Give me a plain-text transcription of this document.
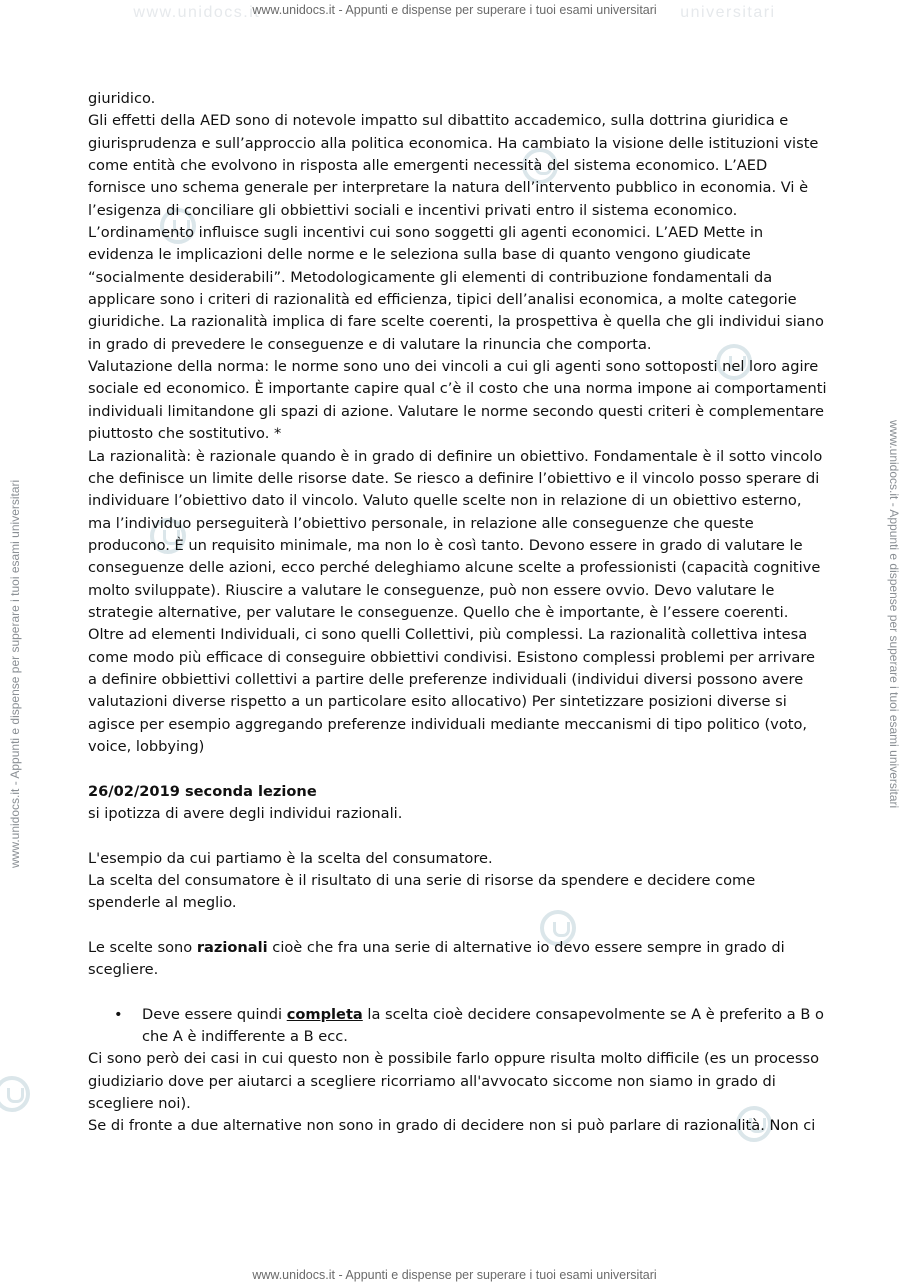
www.unidocs.it	universitari
www.unidocs.it - Appunti e dispense per superare i tuoi esami universitari
www.unidocs.it - Appunti e dispense per superare i tuoi esami universitari	www.unidocs.it - Appunti e dispense per superare i tuoi esami universitari

giuridico.

Gli effetti della AED sono di notevole impatto sul dibattito accademico, sulla dottrina giuridica e giurisprudenza e sull’approccio alla politica economica. Ha cambiato la visione delle istituzioni viste come entità che evolvono in risposta alle emergenti necessità del sistema economico. L’AED fornisce uno schema generale per interpretare la natura dell’intervento pubblico in economia. Vi è l’esigenza di conciliare gli obbiettivi sociali e incentivi privati entro il sistema economico. L’ordinamento influisce sugli incentivi cui sono soggetti gli agenti economici. L’AED Mette in evidenza le implicazioni delle norme e le seleziona sulla base di quanto vengono giudicate “socialmente desiderabili”. Metodologicamente gli elementi di contribuzione fondamentali da applicare sono i criteri di razionalità ed efficienza, tipici dell’analisi economica, a molte categorie giuridiche. La razionalità implica di fare scelte coerenti, la prospettiva è quella che gli individui siano in grado di prevedere le conseguenze e di valutare la rinuncia che comporta.

Valutazione della norma: le norme sono uno dei vincoli a cui gli agenti sono sottoposti nel loro agire sociale ed economico. È importante capire qual c’è il costo che una norma impone ai comportamenti individuali limitandone gli spazi di azione. Valutare le norme secondo questi criteri è complementare piuttosto che sostitutivo. *

La razionalità: è razionale quando è in grado di definire un obiettivo. Fondamentale è il sotto vincolo che definisce un limite delle risorse date. Se riesco a definire l’obiettivo e il vincolo posso sperare di individuare l’obiettivo dato il vincolo. Valuto quelle scelte non in relazione di un obiettivo esterno, ma l’individuo perseguiterà l’obiettivo personale, in relazione alle conseguenze che queste producono. È un requisito minimale, ma non lo è così tanto. Devono essere in grado di valutare le conseguenze delle azioni, ecco perché deleghiamo alcune scelte a professionisti (capacità cognitive molto sviluppate). Riuscire a valutare le conseguenze, può non essere ovvio. Devo valutare le strategie alternative, per valutare le conseguenze. Quello che è importante, è l’essere coerenti. Oltre ad elementi Individuali, ci sono quelli Collettivi, più complessi. La razionalità collettiva intesa come modo più efficace di conseguire obbiettivi condivisi. Esistono complessi problemi per arrivare a definire obbiettivi collettivi a partire delle preferenze individuali (individui diversi possono avere valutazioni diverse rispetto a un particolare esito allocativo) Per sintetizzare posizioni diverse si agisce per esempio aggregando preferenze individuali mediante meccanismi di tipo politico (voto, voice, lobbying)

26/02/2019 seconda lezione

si ipotizza di avere degli individui razionali.

L'esempio da cui partiamo è la scelta del consumatore.

La scelta del consumatore è il risultato di una serie di risorse da spendere e decidere come spenderle al meglio.

Le scelte sono razionali cioè che fra una serie di alternative io devo essere sempre in grado di scegliere.

• Deve essere quindi completa la scelta cioè decidere consapevolmente se A è preferito a B o che A è indifferente a B ecc.

Ci sono però dei casi in cui questo non è possibile farlo oppure risulta molto difficile (es un processo giudiziario dove per aiutarci a scegliere ricorriamo all'avvocato siccome non siamo in grado di scegliere noi).

Se di fronte a due alternative non sono in grado di decidere non si può parlare di razionalità. Non ci

www.unidocs.it - Appunti e dispense per superare i tuoi esami universitari
